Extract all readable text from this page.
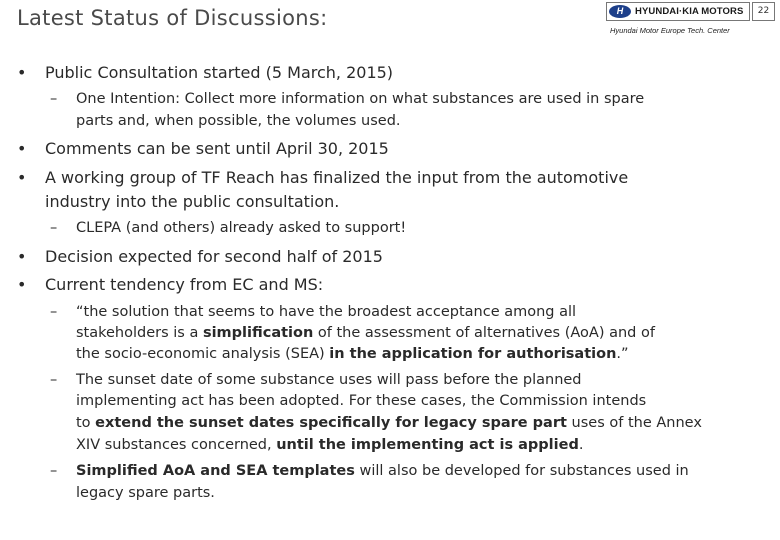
Latest Status of Discussions:	H	HYUNDAI·KIA MOTORS	22
Hyundai Motor Europe Tech. Center
• Public Consultation started (5 March, 2015)
– One Intention: Collect more information on what substances are used in spare
parts and, when possible, the volumes used.
• Comments can be sent until April 30, 2015
• A working group of TF Reach has finalized the input from the automotive
industry into the public consultation.
– CLEPA (and others) already asked to support!
• Decision expected for second half of 2015
• Current tendency from EC and MS:
– “the solution that seems to have the broadest acceptance among all
stakeholders is a simplification of the assessment of alternatives (AoA) and of
the socio-economic analysis (SEA) in the application for authorisation.”
– The sunset date of some substance uses will pass before the planned
implementing act has been adopted. For these cases, the Commission intends
to extend the sunset dates specifically for legacy spare part uses of the Annex
XIV substances concerned, until the implementing act is applied.
– Simplified AoA and SEA templates will also be developed for substances used in
legacy spare parts.
